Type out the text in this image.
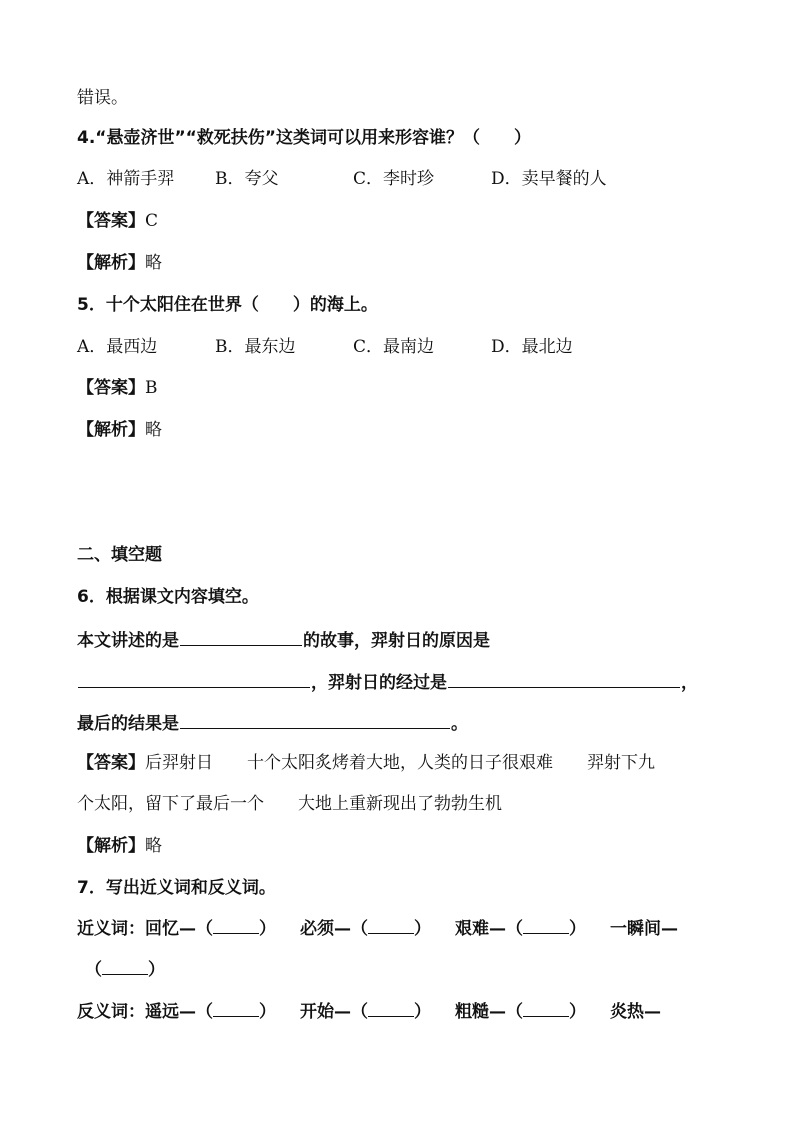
错误。
4.“悬壶济世”“救死扶伤”这类词可以用来形容谁？（　　）
A．神箭手羿 B．夸父	C．李时珍	D．卖早餐的人
【答案】C
【解析】略
5．十个太阳住在世界（　　）的海上。
A．最西边	B．最东边	C．最南边	D．最北边
【答案】B
【解析】略
二、填空题
6．根据课文内容填空。
本文讲述的是	的故事，羿射日的原因是
，羿射日的经过是	，
最后的结果是	。
【答案】后羿射日 十个太阳炙烤着大地，人类的日子很艰难 羿射下九
个太阳，留下了最后一个 大地上重新现出了勃勃生机
【解析】略
7．写出近义词和反义词。
近义词：回忆—（	） 必须—（	） 艰难—（	） 一瞬间—
（	）
反义词：遥远—（	） 开始—（	） 粗糙—（	） 炎热—
